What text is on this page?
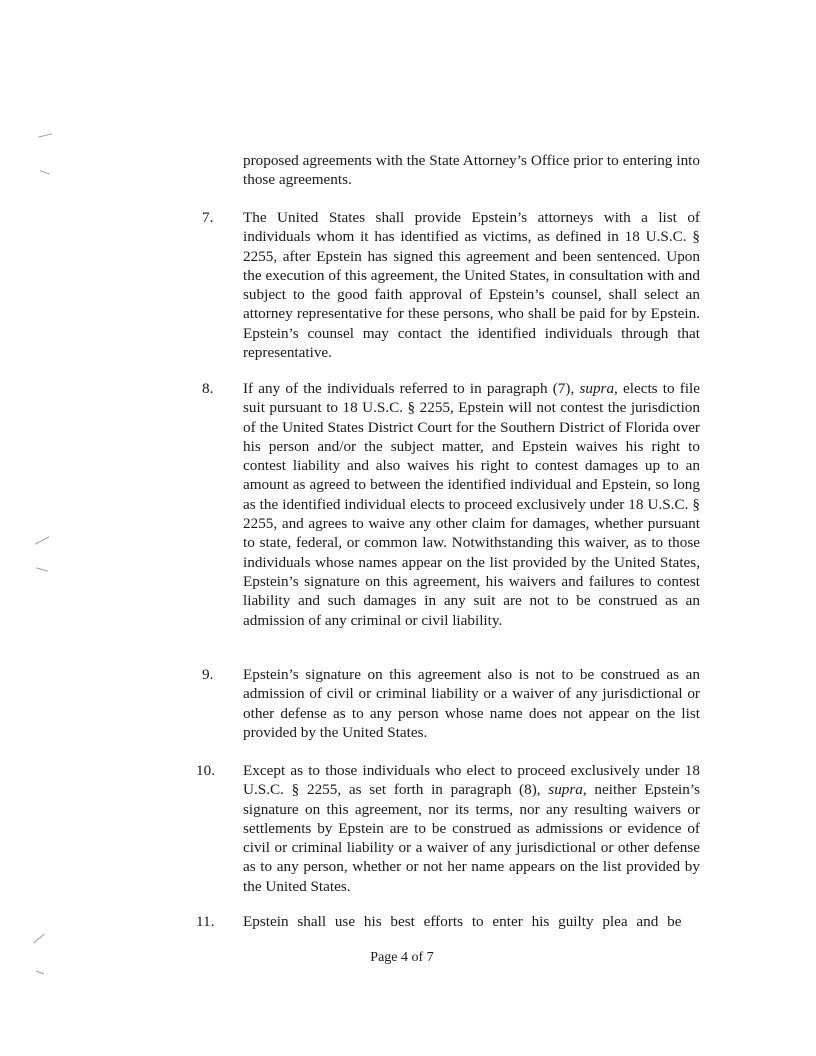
proposed agreements with the State Attorney’s Office prior to entering into those agreements.
7. The United States shall provide Epstein’s attorneys with a list of individuals whom it has identified as victims, as defined in 18 U.S.C. § 2255, after Epstein has signed this agreement and been sentenced. Upon the execution of this agreement, the United States, in consultation with and subject to the good faith approval of Epstein’s counsel, shall select an attorney representative for these persons, who shall be paid for by Epstein. Epstein’s counsel may contact the identified individuals through that representative.
8. If any of the individuals referred to in paragraph (7), supra, elects to file suit pursuant to 18 U.S.C. § 2255, Epstein will not contest the jurisdiction of the United States District Court for the Southern District of Florida over his person and/or the subject matter, and Epstein waives his right to contest liability and also waives his right to contest damages up to an amount as agreed to between the identified individual and Epstein, so long as the identified individual elects to proceed exclusively under 18 U.S.C. § 2255, and agrees to waive any other claim for damages, whether pursuant to state, federal, or common law. Notwithstanding this waiver, as to those individuals whose names appear on the list provided by the United States, Epstein’s signature on this agreement, his waivers and failures to contest liability and such damages in any suit are not to be construed as an admission of any criminal or civil liability.
9. Epstein’s signature on this agreement also is not to be construed as an admission of civil or criminal liability or a waiver of any jurisdictional or other defense as to any person whose name does not appear on the list provided by the United States.
10. Except as to those individuals who elect to proceed exclusively under 18 U.S.C. § 2255, as set forth in paragraph (8), supra, neither Epstein’s signature on this agreement, nor its terms, nor any resulting waivers or settlements by Epstein are to be construed as admissions or evidence of civil or criminal liability or a waiver of any jurisdictional or other defense as to any person, whether or not her name appears on the list provided by the United States.
11. Epstein shall use his best efforts to enter his guilty plea and be
Page 4 of 7
